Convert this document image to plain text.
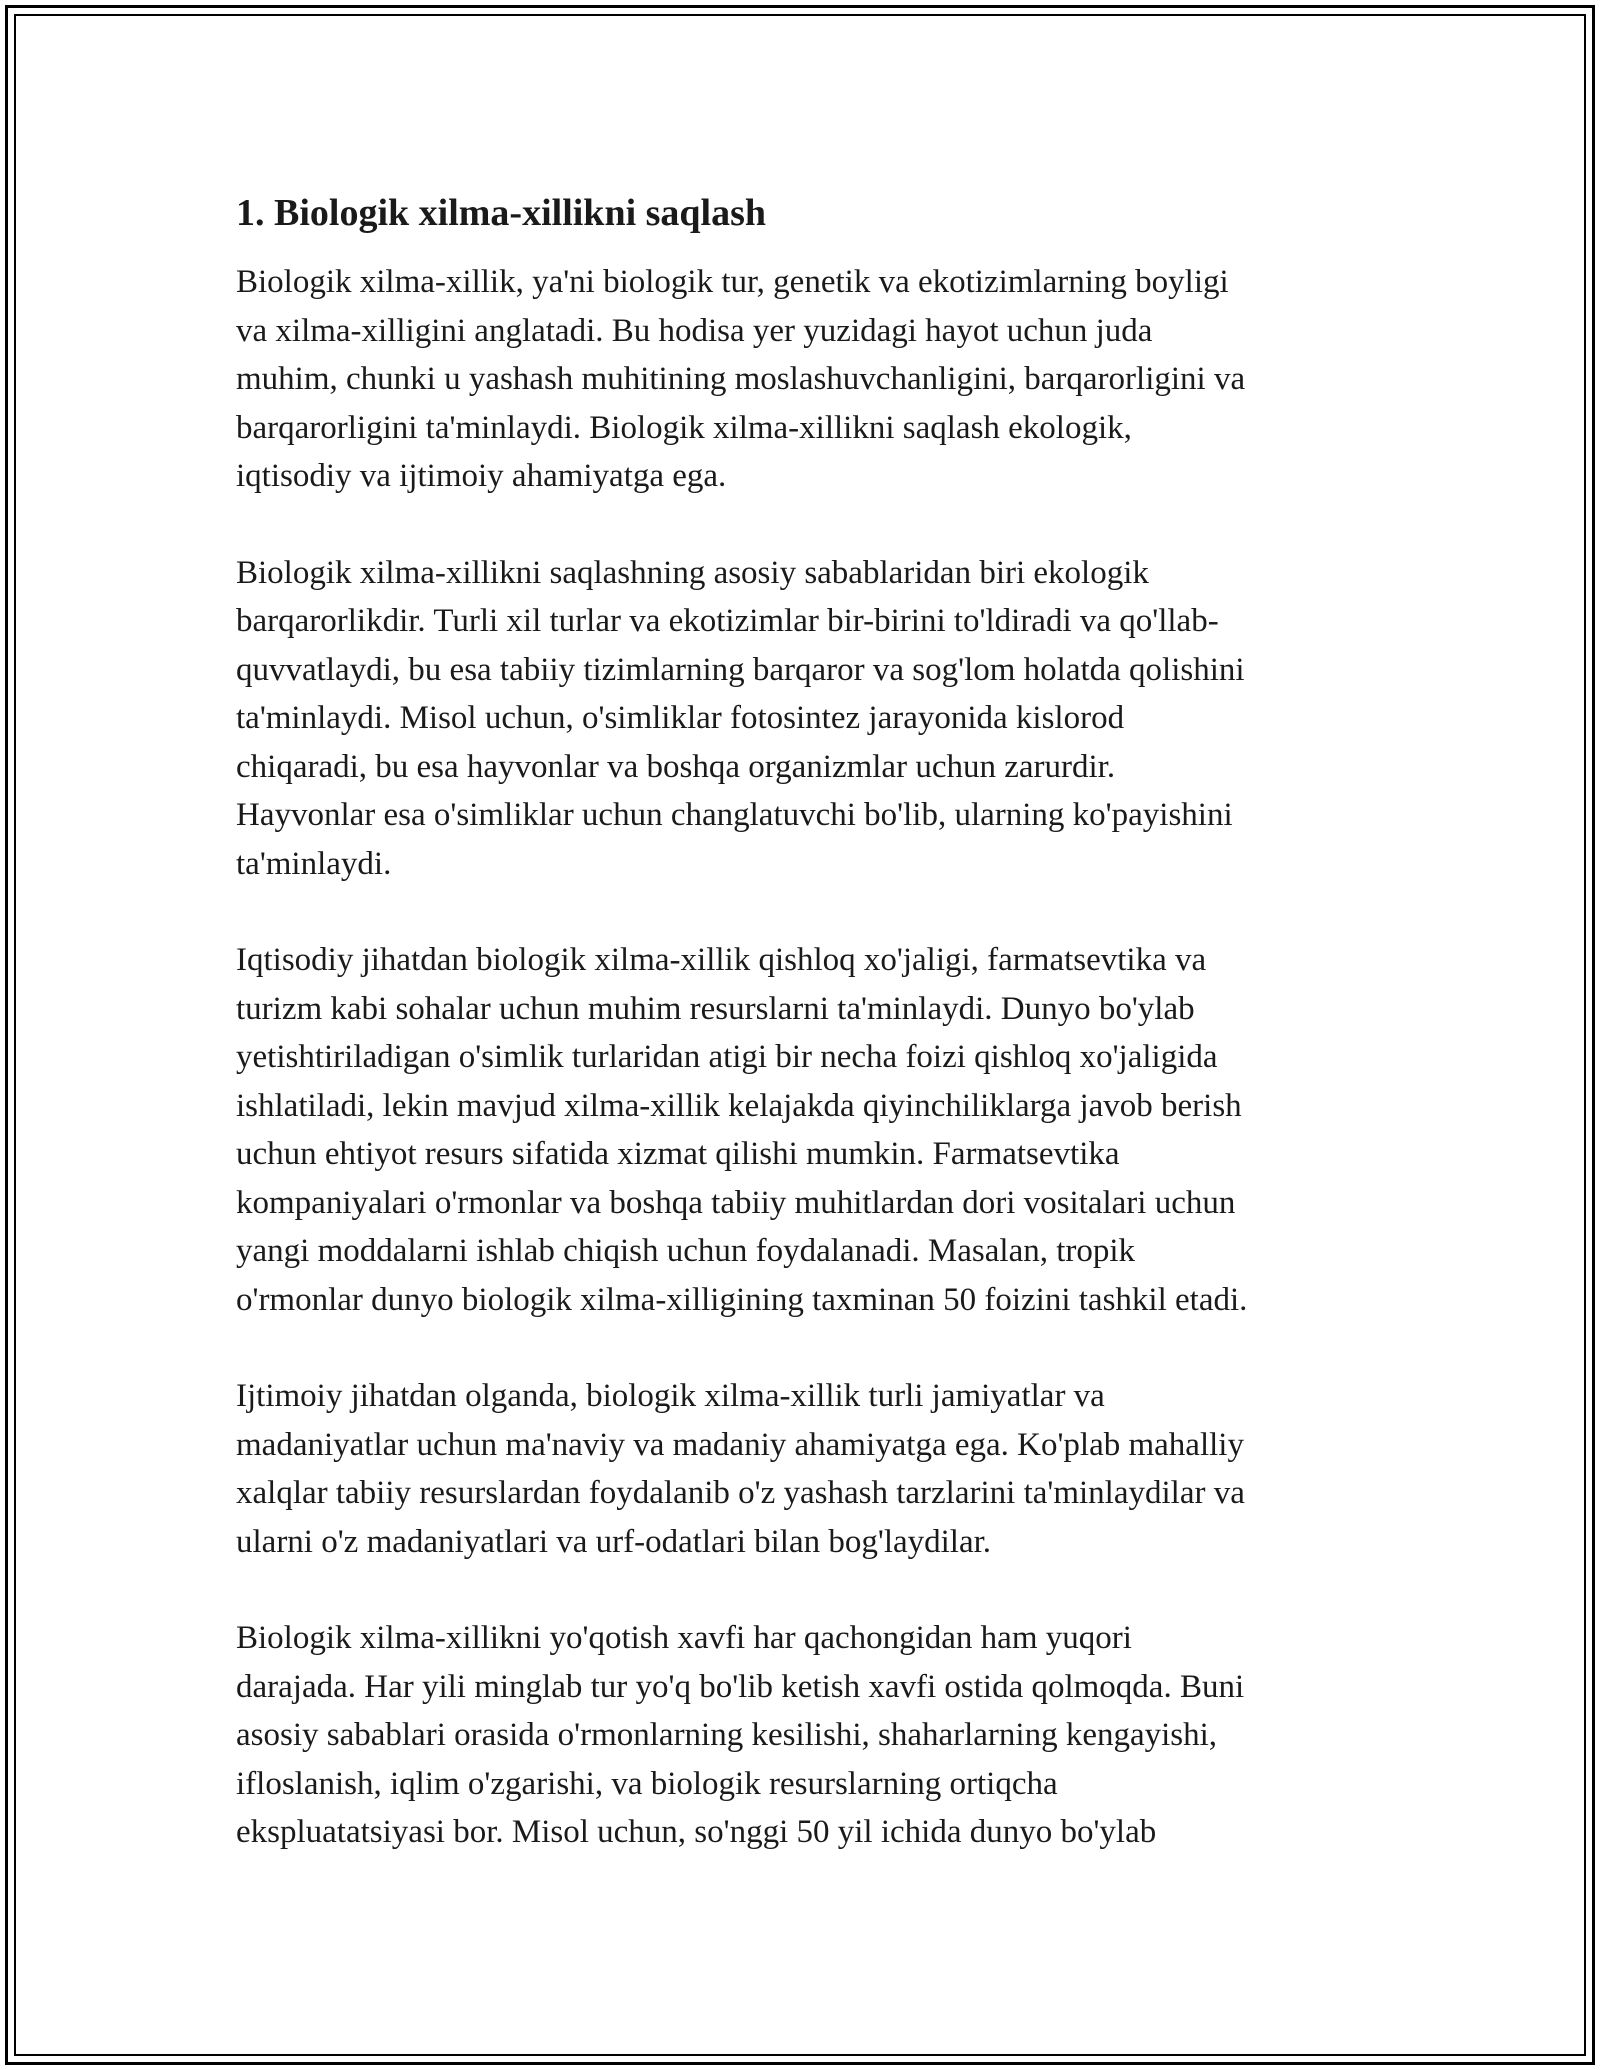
1. Biologik xilma-xillikni saqlash

Biologik xilma-xillik, ya'ni biologik tur, genetik va ekotizimlarning boyligi
va xilma-xilligini anglatadi. Bu hodisa yer yuzidagi hayot uchun juda
muhim, chunki u yashash muhitining moslashuvchanligini, barqarorligini va
barqarorligini ta'minlaydi. Biologik xilma-xillikni saqlash ekologik,
iqtisodiy va ijtimoiy ahamiyatga ega.

Biologik xilma-xillikni saqlashning asosiy sabablaridan biri ekologik
barqarorlikdir. Turli xil turlar va ekotizimlar bir-birini to'ldiradi va qo'llab-
quvvatlaydi, bu esa tabiiy tizimlarning barqaror va sog'lom holatda qolishini
ta'minlaydi. Misol uchun, o'simliklar fotosintez jarayonida kislorod
chiqaradi, bu esa hayvonlar va boshqa organizmlar uchun zarurdir.
Hayvonlar esa o'simliklar uchun changlatuvchi bo'lib, ularning ko'payishini
ta'minlaydi.

Iqtisodiy jihatdan biologik xilma-xillik qishloq xo'jaligi, farmatsevtika va
turizm kabi sohalar uchun muhim resurslarni ta'minlaydi. Dunyo bo'ylab
yetishtiriladigan o'simlik turlaridan atigi bir necha foizi qishloq xo'jaligida
ishlatiladi, lekin mavjud xilma-xillik kelajakda qiyinchiliklarga javob berish
uchun ehtiyot resurs sifatida xizmat qilishi mumkin. Farmatsevtika
kompaniyalari o'rmonlar va boshqa tabiiy muhitlardan dori vositalari uchun
yangi moddalarni ishlab chiqish uchun foydalanadi. Masalan, tropik
o'rmonlar dunyo biologik xilma-xilligining taxminan 50 foizini tashkil etadi.

Ijtimoiy jihatdan olganda, biologik xilma-xillik turli jamiyatlar va
madaniyatlar uchun ma'naviy va madaniy ahamiyatga ega. Ko'plab mahalliy
xalqlar tabiiy resurslardan foydalanib o'z yashash tarzlarini ta'minlaydilar va
ularni o'z madaniyatlari va urf-odatlari bilan bog'laydilar.

Biologik xilma-xillikni yo'qotish xavfi har qachongidan ham yuqori
darajada. Har yili minglab tur yo'q bo'lib ketish xavfi ostida qolmoqda. Buni
asosiy sabablari orasida o'rmonlarning kesilishi, shaharlarning kengayishi,
ifloslanish, iqlim o'zgarishi, va biologik resurslarning ortiqcha
ekspluatatsiyasi bor. Misol uchun, so'nggi 50 yil ichida dunyo bo'ylab
